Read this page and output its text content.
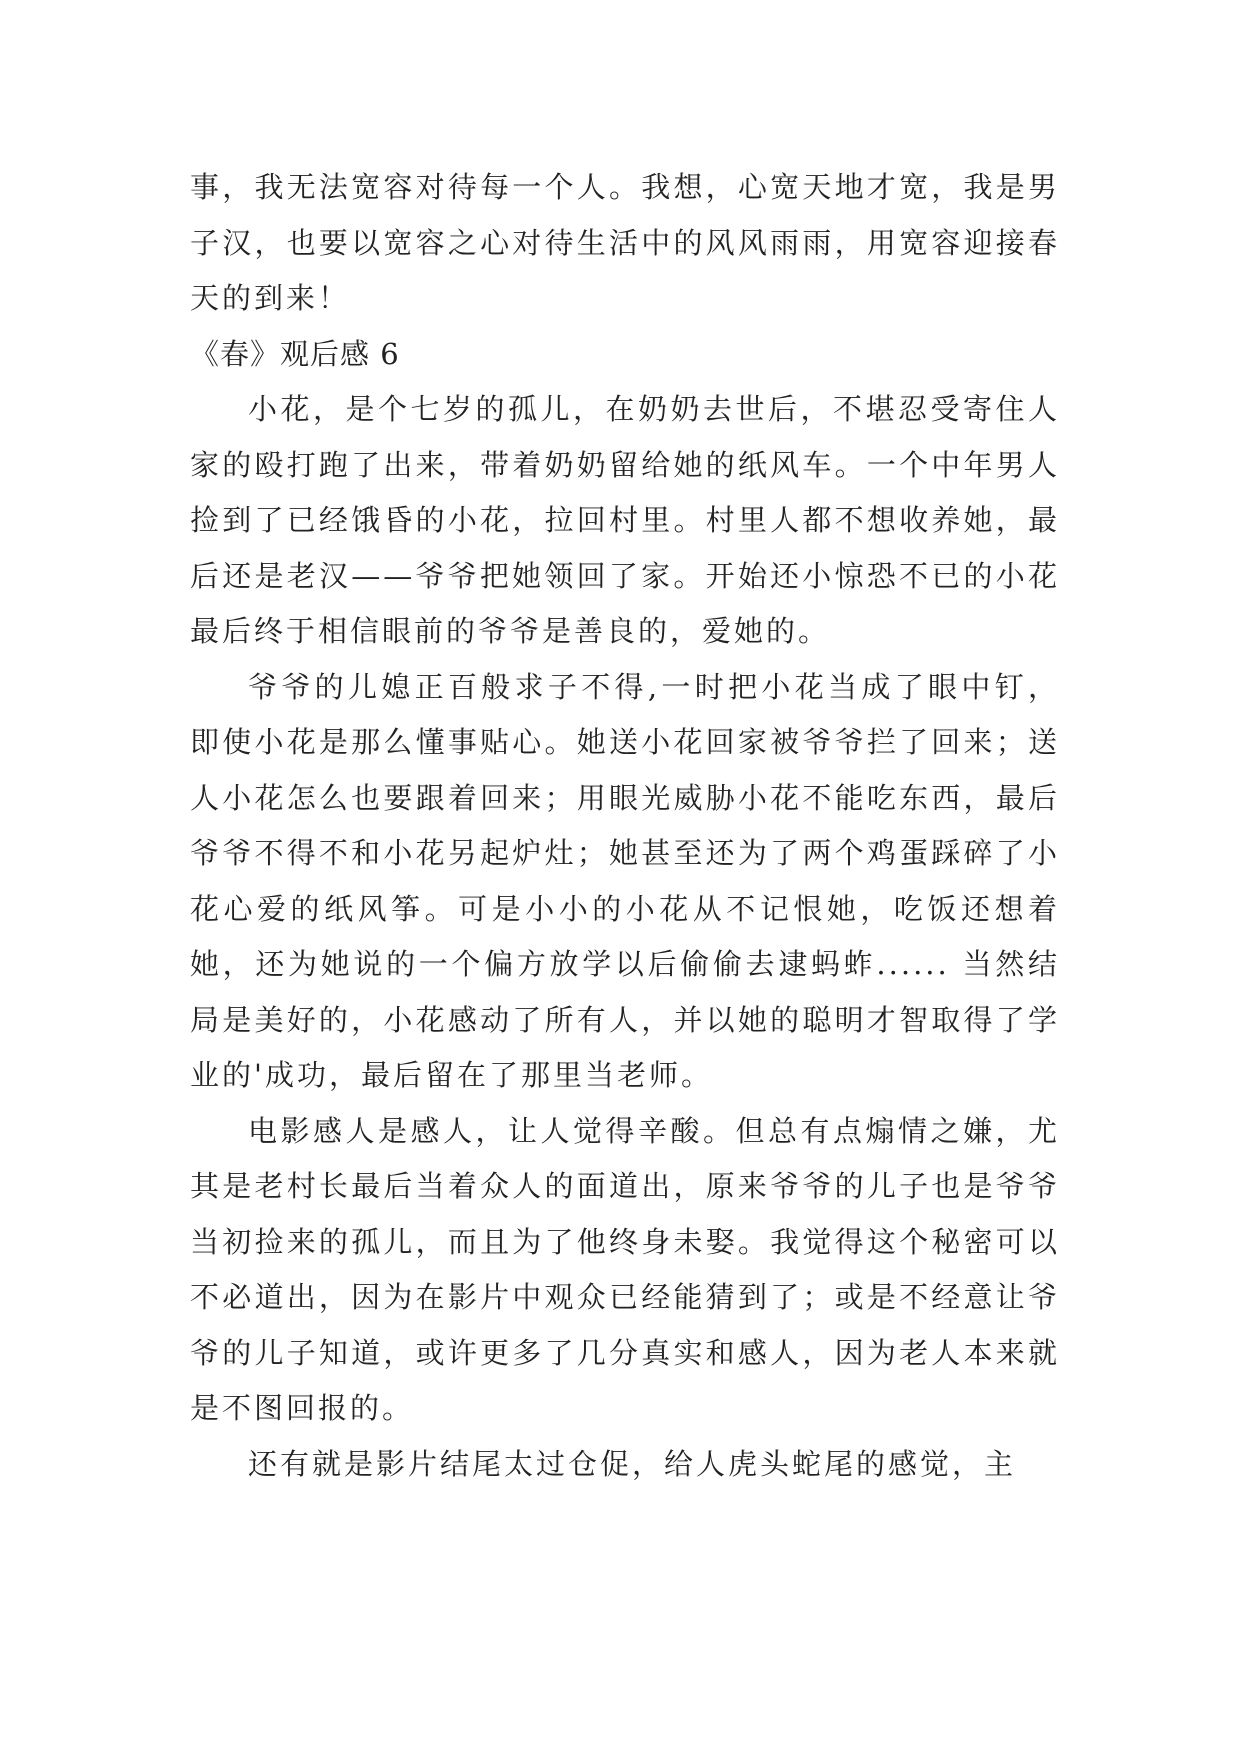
事，我无法宽容对待每一个人。我想，心宽天地才宽，我是男子汉，也要以宽容之心对待生活中的风风雨雨，用宽容迎接春天的到来！

《春》观后感 6

小花，是个七岁的孤儿，在奶奶去世后，不堪忍受寄住人家的殴打跑了出来，带着奶奶留给她的纸风车。一个中年男人捡到了已经饿昏的小花，拉回村里。村里人都不想收养她，最后还是老汉——爷爷把她领回了家。开始还小惊恐不已的小花最后终于相信眼前的爷爷是善良的，爱她的。

爷爷的儿媳正百般求子不得,一时把小花当成了眼中钉，即使小花是那么懂事贴心。她送小花回家被爷爷拦了回来；送人小花怎么也要跟着回来；用眼光威胁小花不能吃东西，最后爷爷不得不和小花另起炉灶；她甚至还为了两个鸡蛋踩碎了小花心爱的纸风筝。可是小小的小花从不记恨她，吃饭还想着她，还为她说的一个偏方放学以后偷偷去逮蚂蚱...... 当然结局是美好的，小花感动了所有人，并以她的聪明才智取得了学业的'成功，最后留在了那里当老师。

电影感人是感人，让人觉得辛酸。但总有点煽情之嫌，尤其是老村长最后当着众人的面道出，原来爷爷的儿子也是爷爷当初捡来的孤儿，而且为了他终身未娶。我觉得这个秘密可以不必道出，因为在影片中观众已经能猜到了；或是不经意让爷爷的儿子知道，或许更多了几分真实和感人，因为老人本来就是不图回报的。

还有就是影片结尾太过仓促，给人虎头蛇尾的感觉，主
